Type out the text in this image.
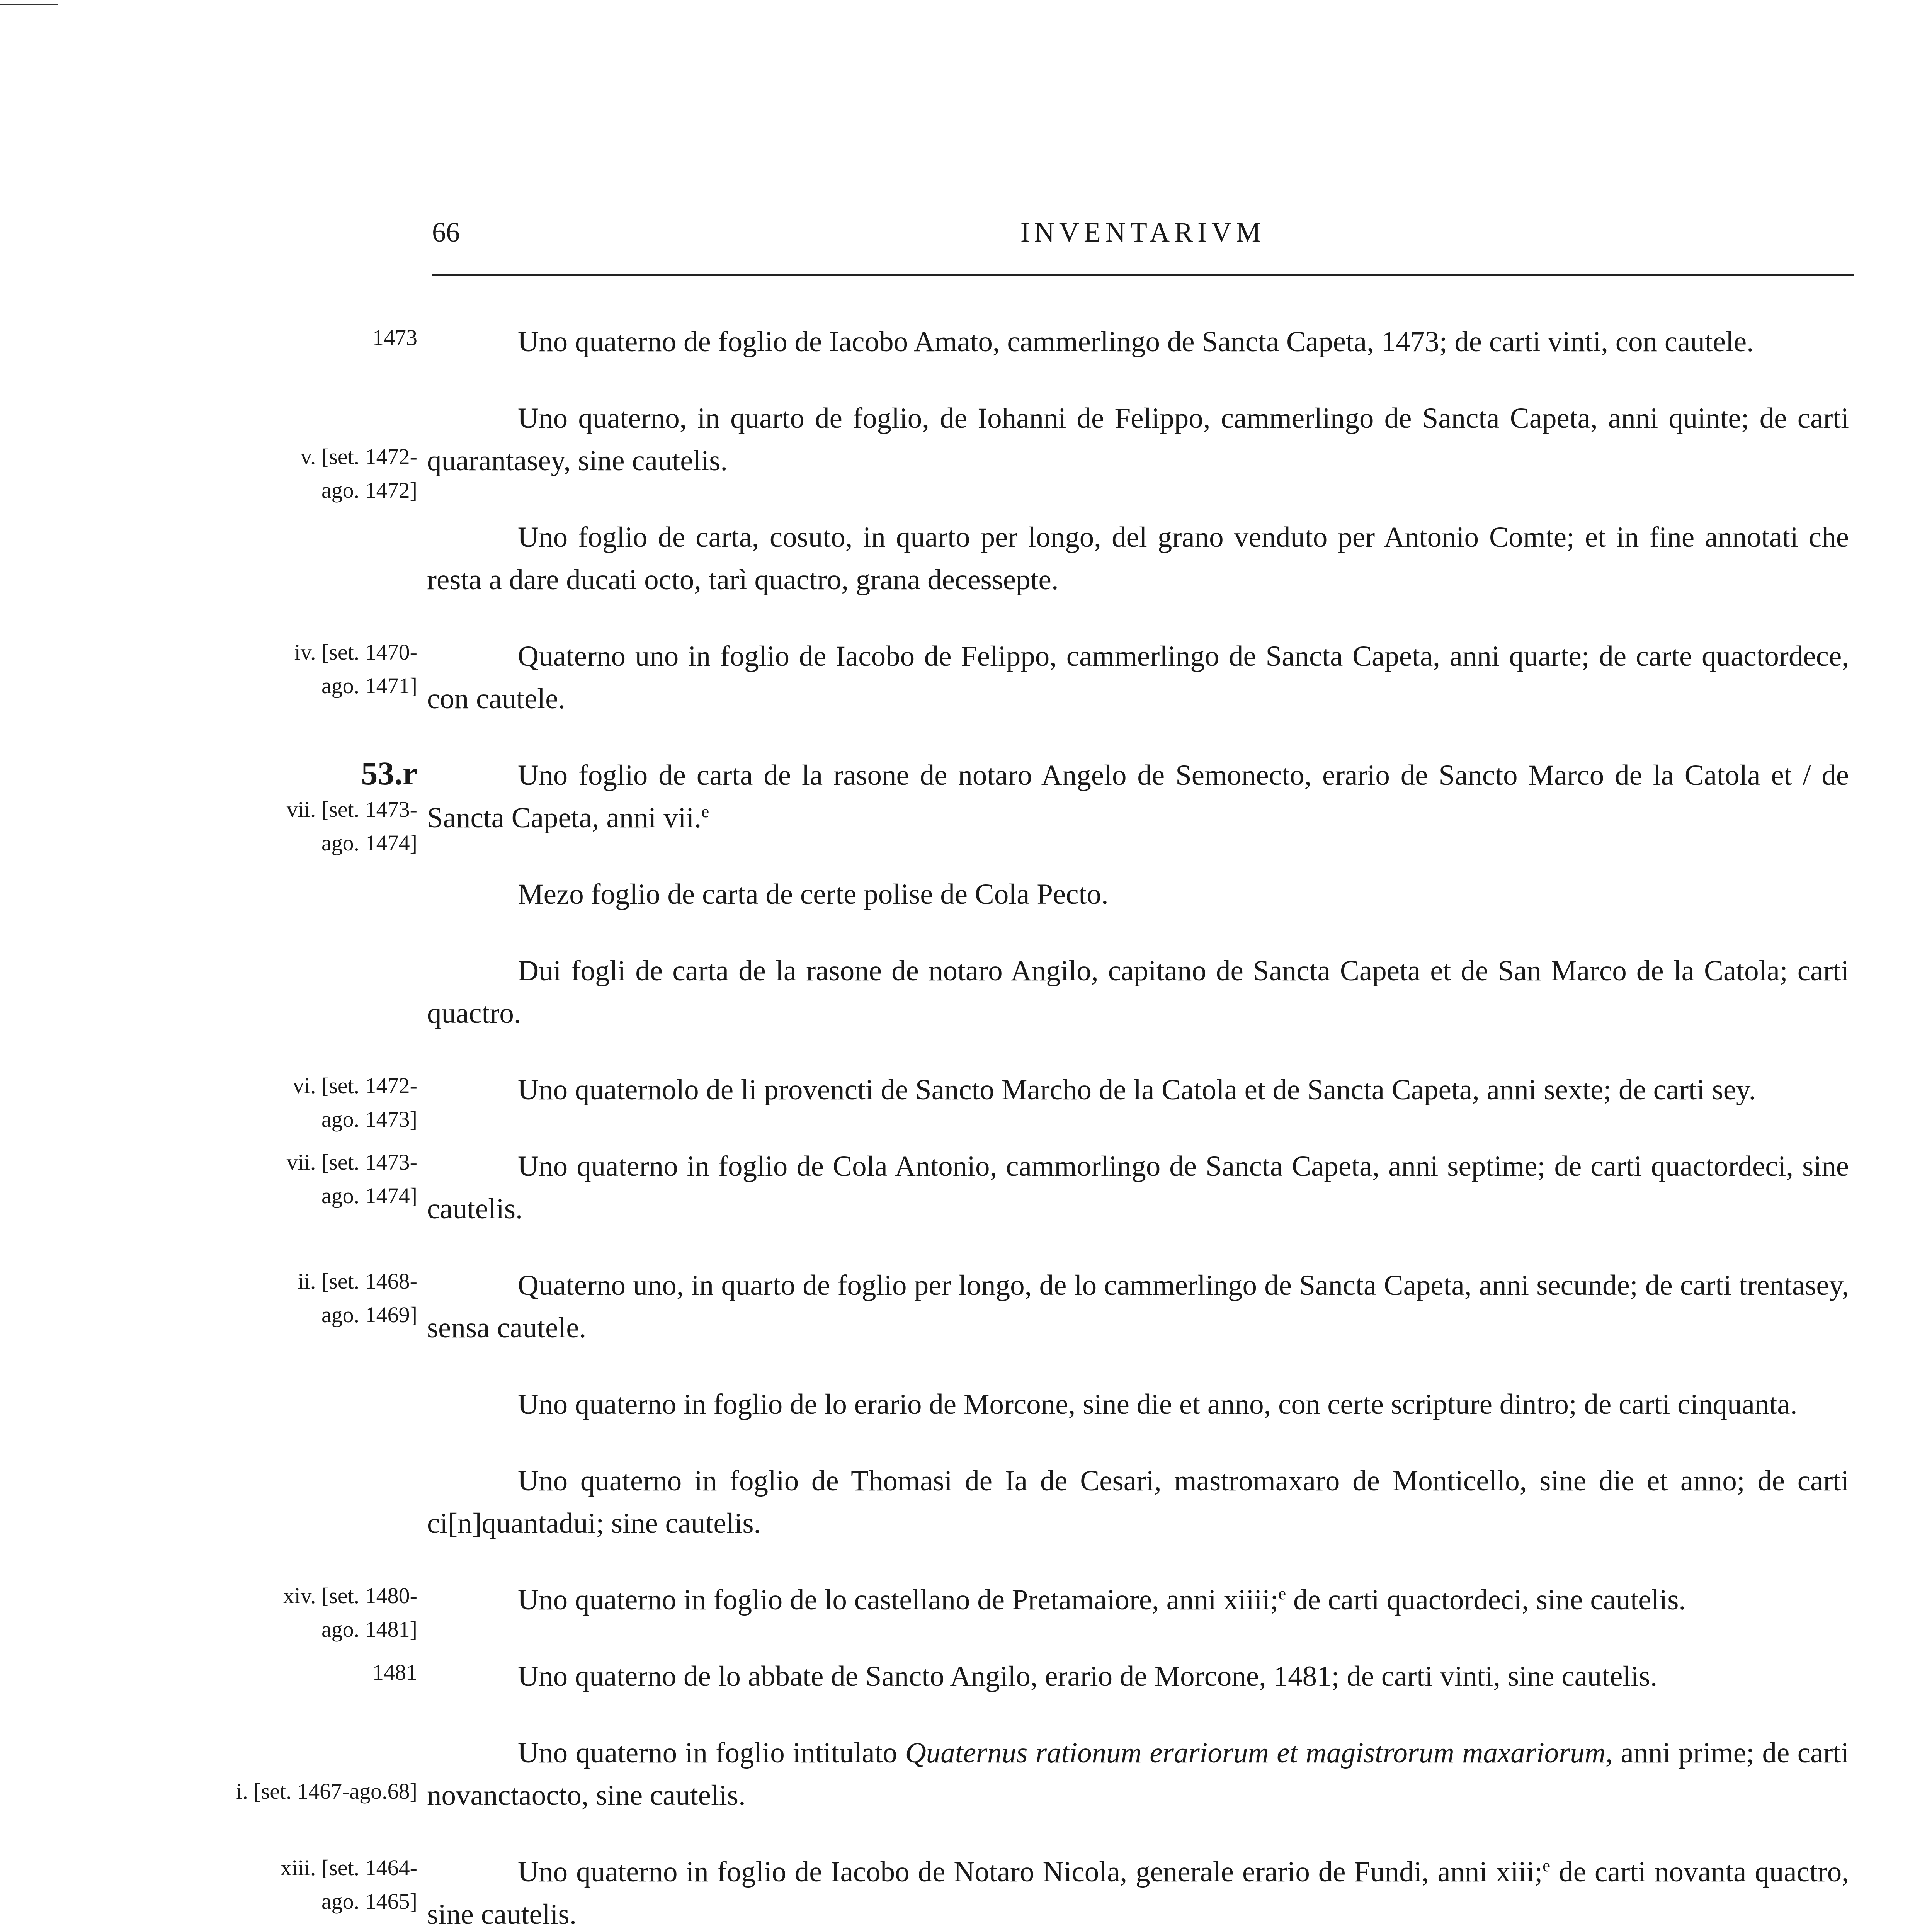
66	INVENTARIVM
1473	Uno quaterno de foglio de Iacobo Amato, cammerlingo de Sancta Capeta, 1473; de carti vinti, con cautele.
v. [set. 1472-
ago. 1472]
Uno quaterno, in quarto de foglio, de Iohanni de Felippo, cammerlingo de Sancta Capeta, anni quinte; de carti quarantasey, sine cautelis.
Uno foglio de carta, cosuto, in quarto per longo, del grano venduto per Antonio Comte; et in fine annotati che resta a dare ducati octo, tarì quactro, grana decessepte.
iv. [set. 1470-
ago. 1471]
Quaterno uno in foglio de Iacobo de Felippo, cammerlingo de Sancta Capeta, anni quarte; de carte quactordece, con cautele.
53.r
vii. [set. 1473-
ago. 1474]
Uno foglio de carta de la rasone de notaro Angelo de Semonecto, erario de Sancto Marco de la Catola et / de Sancta Capeta, anni vii.$^e$
Mezo foglio de carta de certe polise de Cola Pecto.
Dui fogli de carta de la rasone de notaro Angilo, capitano de Sancta Capeta et de San Marco de la Catola; carti quactro.
vi. [set. 1472-
ago. 1473]
Uno quaternolo de li provencti de Sancto Marcho de la Catola et de Sancta Capeta, anni sexte; de carti sey.
vii. [set. 1473-
ago. 1474]
Uno quaterno in foglio de Cola Antonio, cammorlingo de Sancta Capeta, anni septime; de carti quactordeci, sine cautelis.
ii. [set. 1468-
ago. 1469]
Quaterno uno, in quarto de foglio per longo, de lo cammerlingo de Sancta Capeta, anni secunde; de carti trentasey, sensa cautele.
Uno quaterno in foglio de lo erario de Morcone, sine die et anno, con certe scripture dintro; de carti cinquanta.
Uno quaterno in foglio de Thomasi de Ia de Cesari, mastromaxaro de Monticello, sine die et anno; de carti ci[n]quantadui; sine cautelis.
xiv. [set. 1480-
ago. 1481]
Uno quaterno in foglio de lo castellano de Pretamaiore, anni xiiii;$^e$ de carti quactordeci, sine cautelis.
1481	Uno quaterno de lo abbate de Sancto Angilo, erario de Morcone, 1481; de carti vinti, sine cautelis.
i. [set. 1467-ago.68]
Uno quaterno in foglio intitulato Quaternus rationum erariorum et magistrorum maxariorum, anni prime; de carti novanctaocto, sine cautelis.
xiii. [set. 1464-
ago. 1465]
Uno quaterno in foglio de Iacobo de Notaro Nicola, generale erario de Fundi, anni xiii;$^e$ de carti novanta quactro, sine cautelis.
